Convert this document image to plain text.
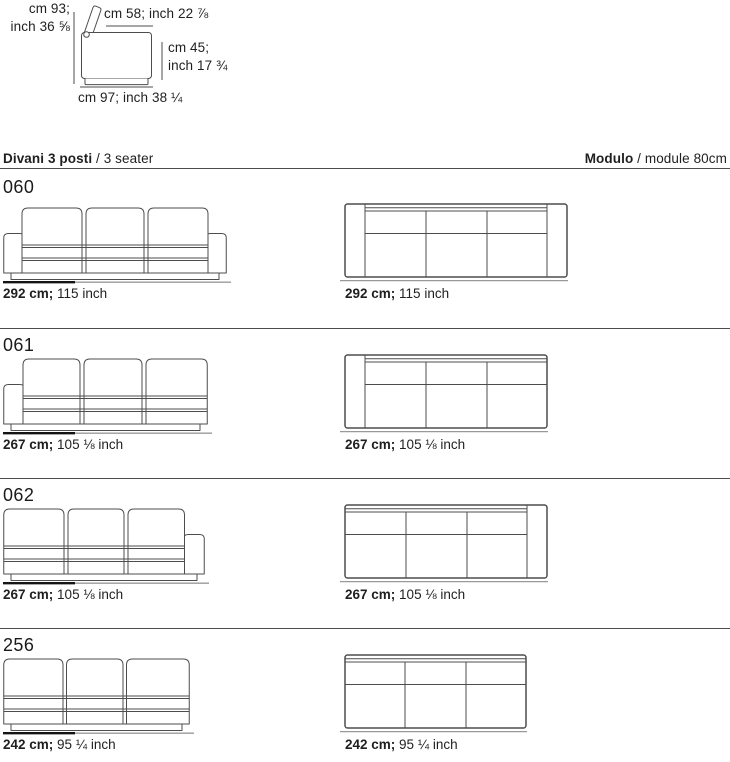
cm 93;
inch 36 ⅝
cm 58; inch 22 ⅞
cm 45;
inch 17 ¾
cm 97; inch 38 ¼
Divani 3 posti / 3 seater	Modulo / module 80cm
060
292 cm; 115 inch	292 cm; 115 inch
061
267 cm; 105 ⅛ inch	267 cm; 105 ⅛ inch
062
267 cm; 105 ⅛ inch	267 cm; 105 ⅛ inch
256
242 cm; 95 ¼ inch	242 cm; 95 ¼ inch
